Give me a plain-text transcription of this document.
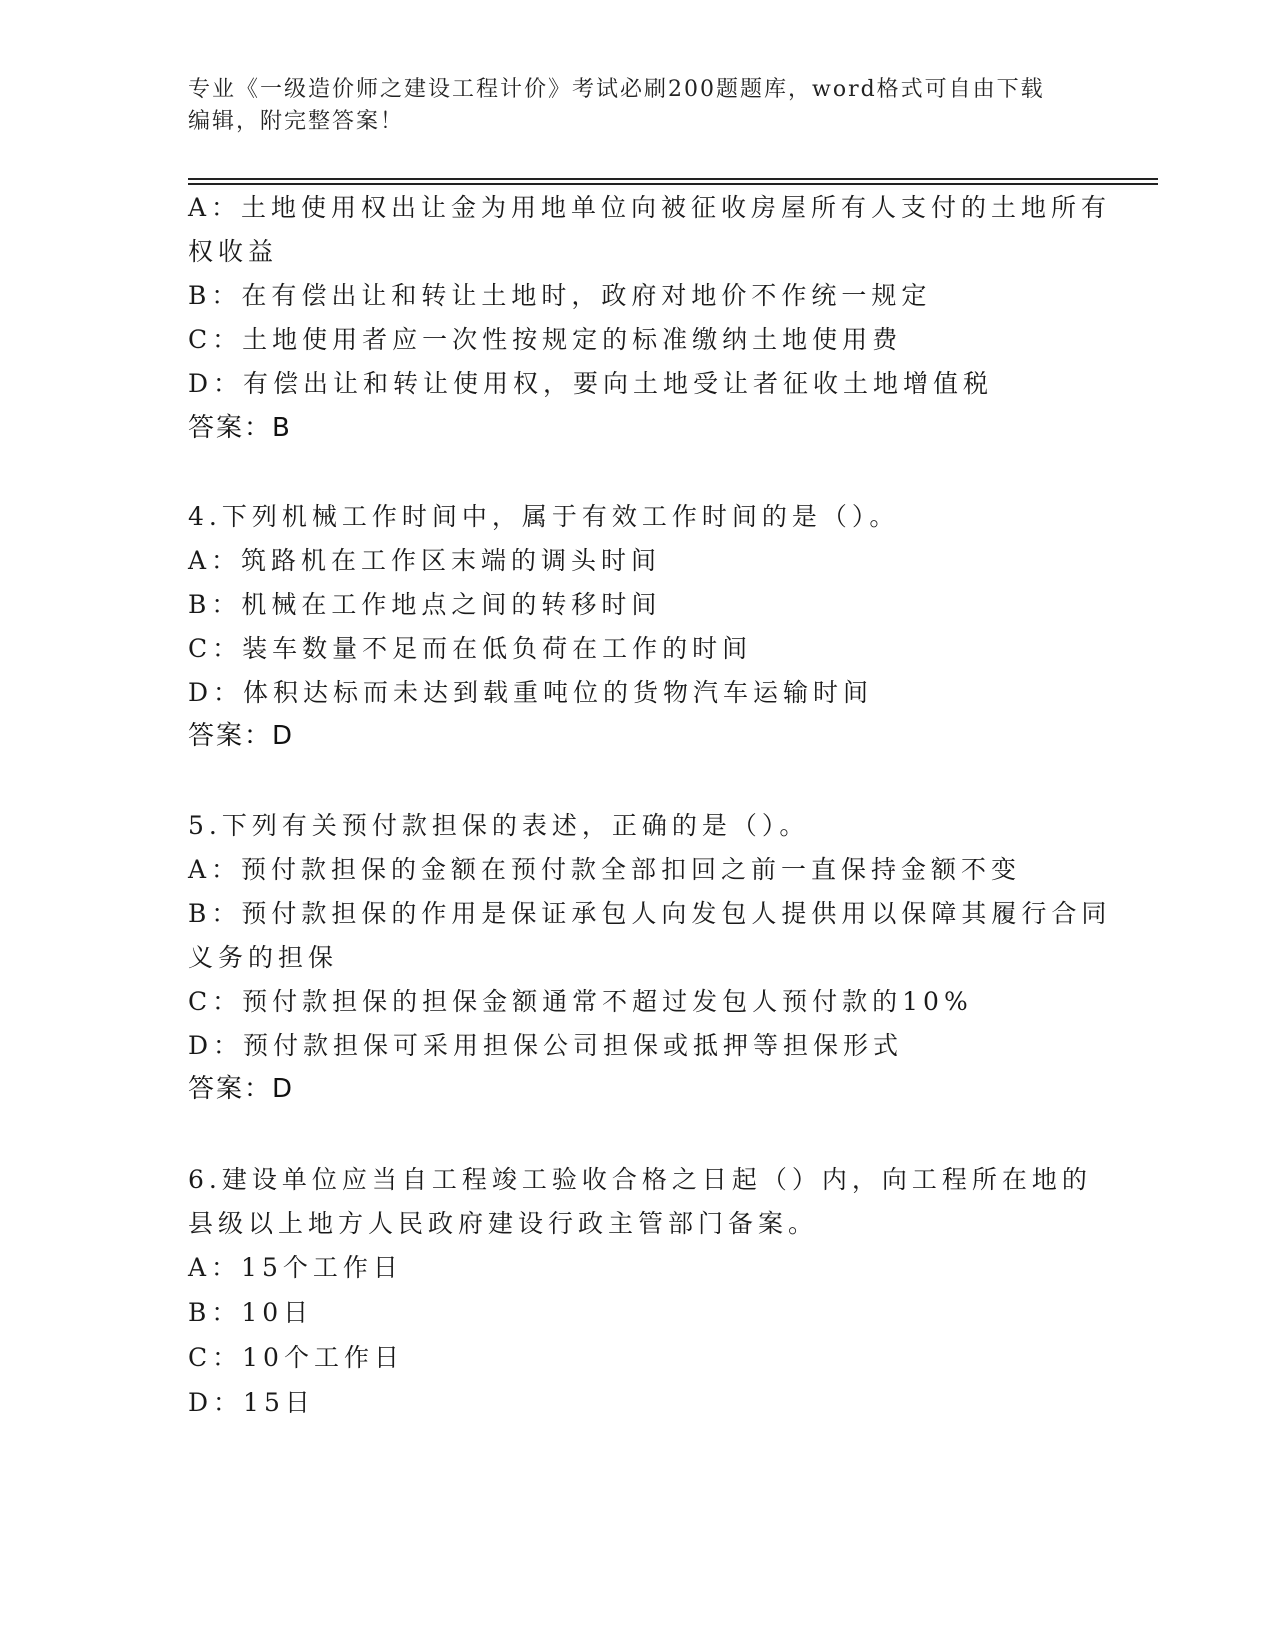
专业《一级造价师之建设工程计价》考试必刷200题题库，word格式可自由下载
编辑，附完整答案！
A：土地使用权出让金为用地单位向被征收房屋所有人支付的土地所有
权收益
B：在有偿出让和转让土地时，政府对地价不作统一规定
C：土地使用者应一次性按规定的标准缴纳土地使用费
D：有偿出让和转让使用权，要向土地受让者征收土地增值税
答案：B
4.下列机械工作时间中，属于有效工作时间的是（）。
A：筑路机在工作区末端的调头时间
B：机械在工作地点之间的转移时间
C：装车数量不足而在低负荷在工作的时间
D：体积达标而未达到载重吨位的货物汽车运输时间
答案：D
5.下列有关预付款担保的表述，正确的是（）。
A：预付款担保的金额在预付款全部扣回之前一直保持金额不变
B：预付款担保的作用是保证承包人向发包人提供用以保障其履行合同
义务的担保
C：预付款担保的担保金额通常不超过发包人预付款的10%
D：预付款担保可采用担保公司担保或抵押等担保形式
答案：D
6.建设单位应当自工程竣工验收合格之日起（）内，向工程所在地的
县级以上地方人民政府建设行政主管部门备案。
A：15个工作日
B：10日
C：10个工作日
D：15日
